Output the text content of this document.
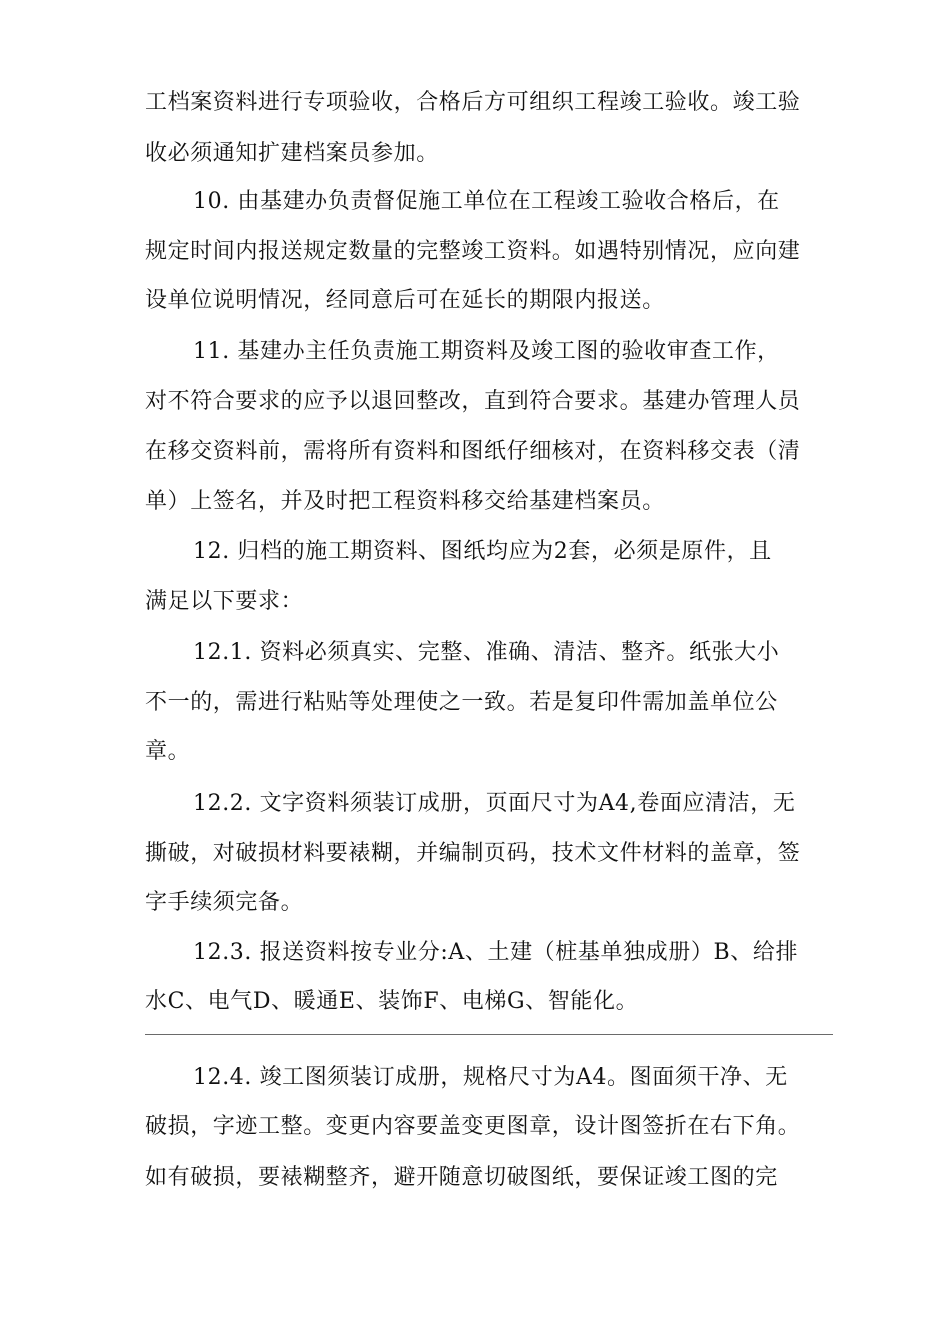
工档案资料进行专项验收，合格后方可组织工程竣工验收。竣工验
收必须通知扩建档案员参加。
10. 由基建办负责督促施工单位在工程竣工验收合格后，在
规定时间内报送规定数量的完整竣工资料。如遇特别情况，应向建
设单位说明情况，经同意后可在延长的期限内报送。
11. 基建办主任负责施工期资料及竣工图的验收审查工作，
对不符合要求的应予以退回整改，直到符合要求。基建办管理人员
在移交资料前，需将所有资料和图纸仔细核对，在资料移交表（清
单）上签名，并及时把工程资料移交给基建档案员。
12. 归档的施工期资料、图纸均应为2套，必须是原件，且
满足以下要求：
12.1. 资料必须真实、完整、准确、清洁、整齐。纸张大小
不一的，需进行粘贴等处理使之一致。若是复印件需加盖单位公
章。
12.2. 文字资料须装订成册，页面尺寸为A4,卷面应清洁，无
撕破，对破损材料要裱糊，并编制页码，技术文件材料的盖章，签
字手续须完备。
12.3. 报送资料按专业分:A、土建（桩基单独成册）B、给排
水C、电气D、暖通E、装饰F、电梯G、智能化。
12.4. 竣工图须装订成册，规格尺寸为A4。图面须干净、无
破损，字迹工整。变更内容要盖变更图章，设计图签折在右下角。
如有破损，要裱糊整齐，避开随意切破图纸，要保证竣工图的完
